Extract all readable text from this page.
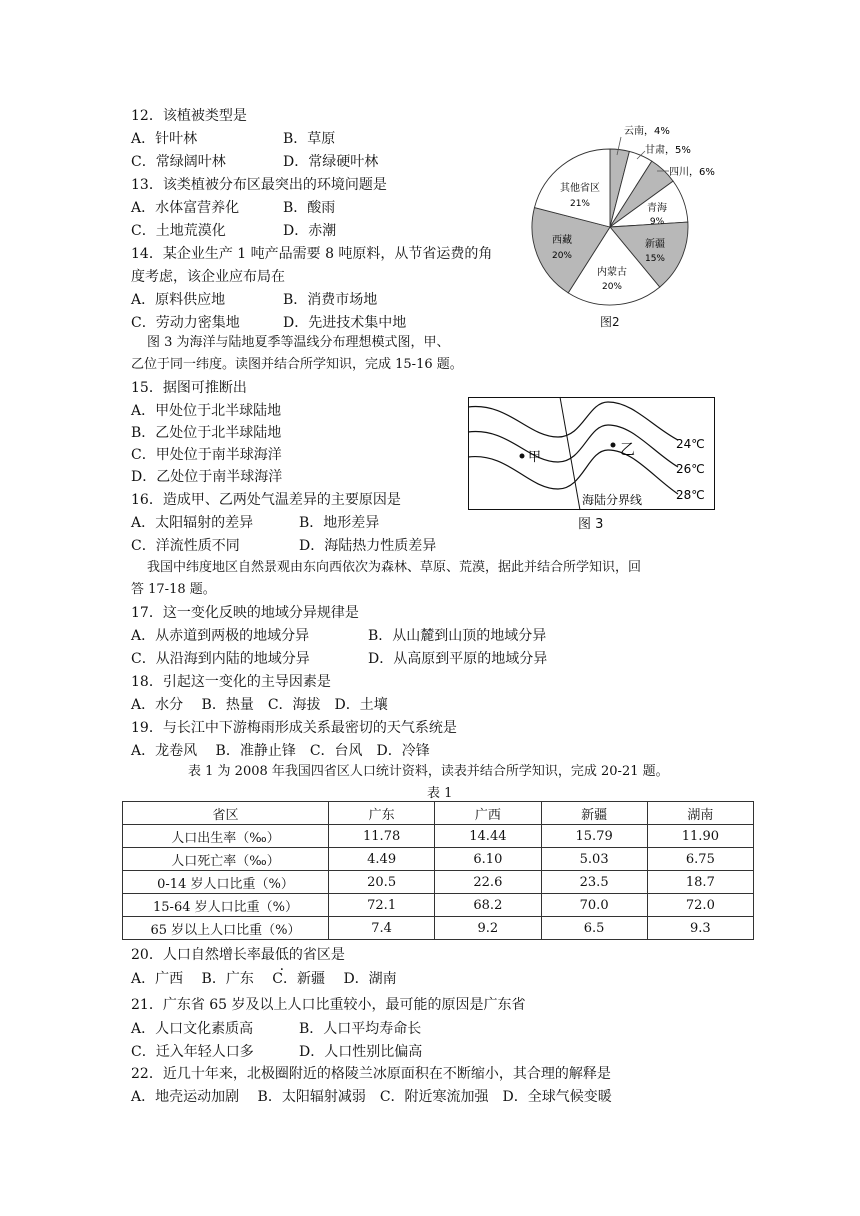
12．该植被类型是
A．针叶林	B．草原
C．常绿阔叶林	D．常绿硬叶林
13．该类植被分布区最突出的环境问题是
A．水体富营养化	B．酸雨
C．土地荒漠化	D．赤潮
14．某企业生产 1 吨产品需要 8 吨原料，从节省运费的角
度考虑，该企业应布局在
A．原料供应地	B．消费市场地
C．劳动力密集地	D．先进技术集中地
图 3 为海洋与陆地夏季等温线分布理想模式图，甲、
乙位于同一纬度。读图并结合所学知识，完成 15-16 题。
15．据图可推断出
A．甲处位于北半球陆地
B．乙处位于北半球陆地
C．甲处位于南半球海洋
D．乙处位于南半球海洋
16．造成甲、乙两处气温差异的主要原因是
A．太阳辐射的差异	B．地形差异
C．洋流性质不同	D．海陆热力性质差异
我国中纬度地区自然景观由东向西依次为森林、草原、荒漠，据此并结合所学知识，回
答 17-18 题。
17．这一变化反映的地域分异规律是
A．从赤道到两极的地域分异	B．从山麓到山顶的地域分异
C．从沿海到内陆的地域分异	D．从高原到平原的地域分异
18．引起这一变化的主导因素是
A．水分　 B．热量　C．海拔　D．土壤
19．与长江中下游梅雨形成关系最密切的天气系统是
A．龙卷风　 B．准静止锋　C．台风　D．冷锋
表 1 为 2008 年我国四省区人口统计资料，读表并结合所学知识，完成 20-21 题。
表 1
省区	广东	广西	新疆	湖南
人口出生率（‰）	11.78	14.44	15.79	11.90
人口死亡率（‰）	4.49	6.10	5.03	6.75
0-14 岁人口比重（%）	20.5	22.6	23.5	18.7
15-64 岁人口比重（%）	72.1	68.2	70.0	72.0
65 岁以上人口比重（%）	7.4	9.2	6.5	9.3
20．人口自然增长率最低的省区是
A．广西　 B．广东　 C．新疆　 D．湖南
21．广东省 65 岁及以上人口比重较小，最可能的原因是广东省
A．人口文化素质高	B．人口平均寿命长
C．迁入年轻人口多	D．人口性别比偏高
22．近几十年来，北极圈附近的格陵兰冰原面积在不断缩小，其合理的解释是
A．地壳运动加剧　 B．太阳辐射减弱　C．附近寒流加强　D．全球气候变暖
云南，4%
甘肃，5%
四川，6%
青海
9%
新疆
15%
内蒙古
20%
西藏
20%
其他省区
21%
图2
甲	乙	24℃
26℃
28℃
海陆分界线
图 3
